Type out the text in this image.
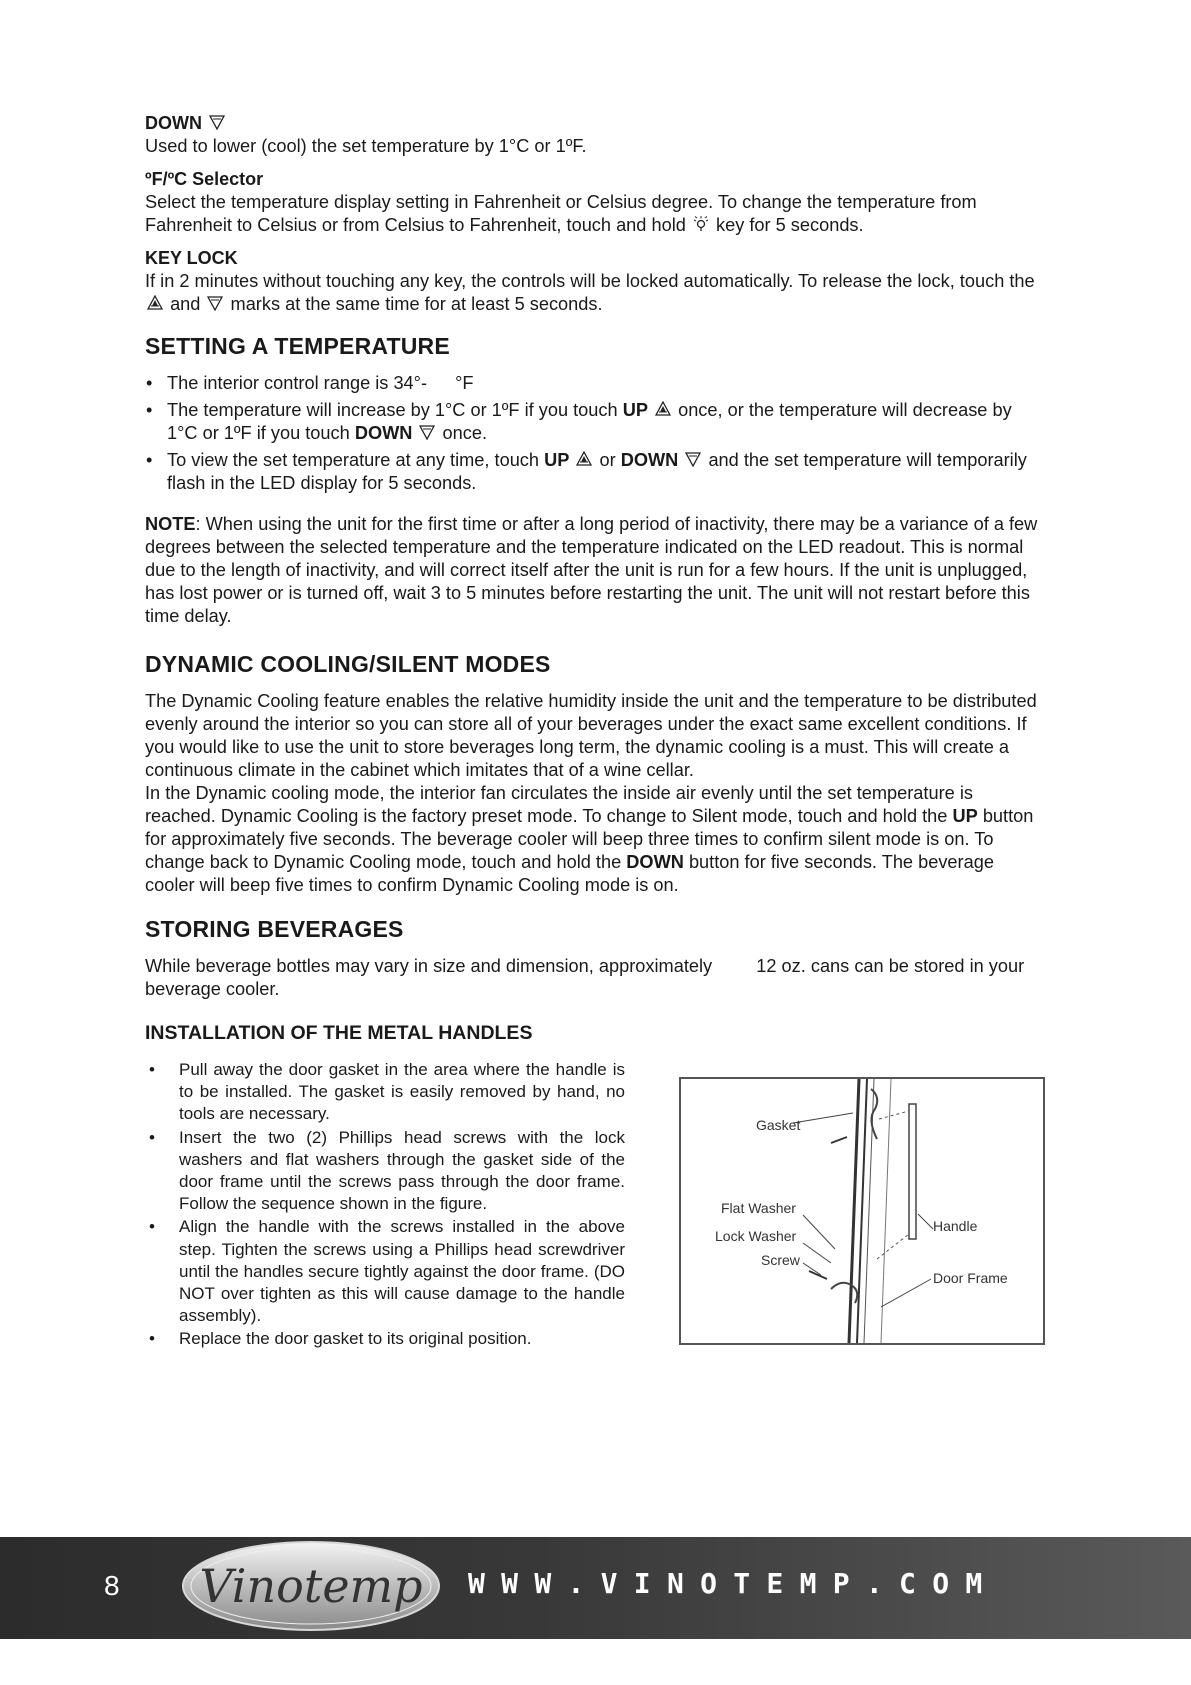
DOWN

Used to lower (cool) the set temperature by 1°C or 1ºF.

ºF/ºC Selector

Select the temperature display setting in Fahrenheit or Celsius degree. To change the temperature from Fahrenheit to Celsius or from Celsius to Fahrenheit, touch and hold key for 5 seconds.

KEY LOCK

If in 2 minutes without touching any key, the controls will be locked automatically. To release the lock, touch the  and marks at the same time for at least 5 seconds.

SETTING A TEMPERATURE
• The interior control range is 34°- °F
• The temperature will increase by 1°C or 1ºF if you touch UP once, or the temperature will decrease by 1°C or 1ºF if you touch DOWN once.
• To view the set temperature at any time, touch UP or DOWN and the set temperature will temporarily flash in the LED display for 5 seconds.

NOTE: When using the unit for the first time or after a long period of inactivity, there may be a variance of a few degrees between the selected temperature and the temperature indicated on the LED readout. This is normal due to the length of inactivity, and will correct itself after the unit is run for a few hours. If the unit is unplugged, has lost power or is turned off, wait 3 to 5 minutes before restarting the unit. The unit will not restart before this time delay.

DYNAMIC COOLING/SILENT MODES

The Dynamic Cooling feature enables the relative humidity inside the unit and the temperature to be distributed evenly around the interior so you can store all of your beverages under the exact same excellent conditions. If you would like to use the unit to store beverages long term, the dynamic cooling is a must. This will create a continuous climate in the cabinet which imitates that of a wine cellar.

In the Dynamic cooling mode, the interior fan circulates the inside air evenly until the set temperature is reached. Dynamic Cooling is the factory preset mode. To change to Silent mode, touch and hold the UP button for approximately five seconds. The beverage cooler will beep three times to confirm silent mode is on. To change back to Dynamic Cooling mode, touch and hold the DOWN button for five seconds. The beverage cooler will beep five times to confirm Dynamic Cooling mode is on.

STORING BEVERAGES

While beverage bottles may vary in size and dimension, approximately 12 oz. cans can be stored in your beverage cooler.

INSTALLATION OF THE METAL HANDLES
• Pull away the door gasket in the area where the handle is to be installed. The gasket is easily removed by hand, no tools are necessary.
• Insert the two (2) Phillips head screws with the lock washers and flat washers through the gasket side of the door frame until the screws pass through the door frame. Follow the sequence shown in the figure.
• Align the handle with the screws installed in the above step. Tighten the screws using a Phillips head screwdriver until the handles secure tightly against the door frame. (DO NOT over tighten as this will cause damage to the handle assembly).
• Replace the door gasket to its original position.
Gasket
Flat Washer
Lock Washer
Screw
Handle
Door Frame
8	Vinotemp	WWW.VINOTEMP.COM
